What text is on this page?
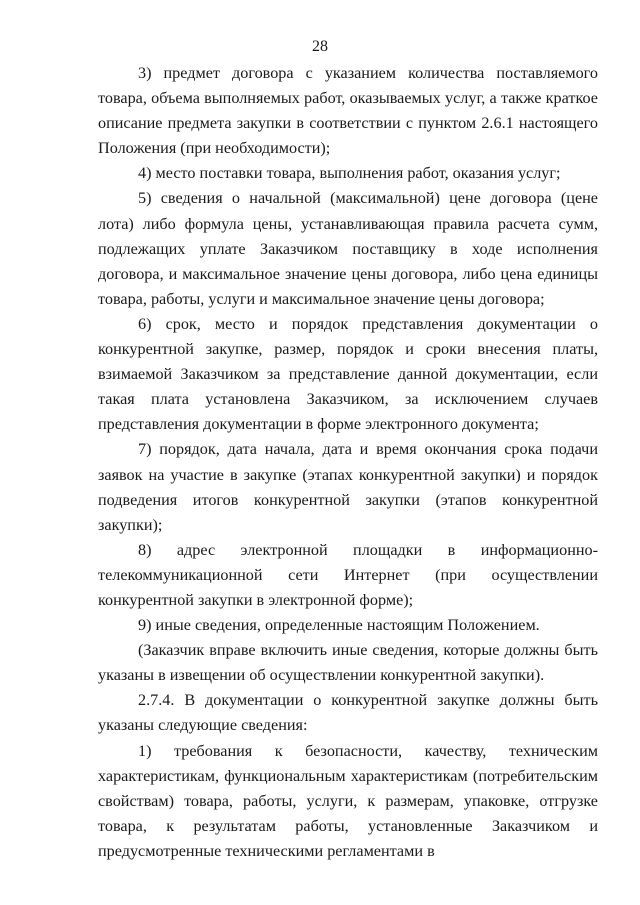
28

3) предмет договора с указанием количества поставляемого товара, объема выполняемых работ, оказываемых услуг, а также краткое описание предмета закупки в соответствии с пунктом 2.6.1 настоящего Положения (при необходимости);

4) место поставки товара, выполнения работ, оказания услуг;

5) сведения о начальной (максимальной) цене договора (цене лота) либо формула цены, устанавливающая правила расчета сумм, подлежащих уплате Заказчиком поставщику в ходе исполнения договора, и максимальное значение цены договора, либо цена единицы товара, работы, услуги и максимальное значение цены договора;

6) срок, место и порядок представления документации о конкурентной закупке, размер, порядок и сроки внесения платы, взимаемой Заказчиком за представление данной документации, если такая плата установлена Заказчиком, за исключением случаев представления документации в форме электронного документа;

7) порядок, дата начала, дата и время окончания срока подачи заявок на участие в закупке (этапах конкурентной закупки) и порядок подведения итогов конкурентной закупки (этапов конкурентной закупки);

8) адрес электронной площадки в информационно-телекоммуникационной сети Интернет (при осуществлении конкурентной закупки в электронной форме);

9) иные сведения, определенные настоящим Положением.

(Заказчик вправе включить иные сведения, которые должны быть указаны в извещении об осуществлении конкурентной закупки).

2.7.4. В документации о конкурентной закупке должны быть указаны следующие сведения:

1) требования к безопасности, качеству, техническим характеристикам, функциональным характеристикам (потребительским свойствам) товара, работы, услуги, к размерам, упаковке, отгрузке товара, к результатам работы, установленные Заказчиком и предусмотренные техническими регламентами в
